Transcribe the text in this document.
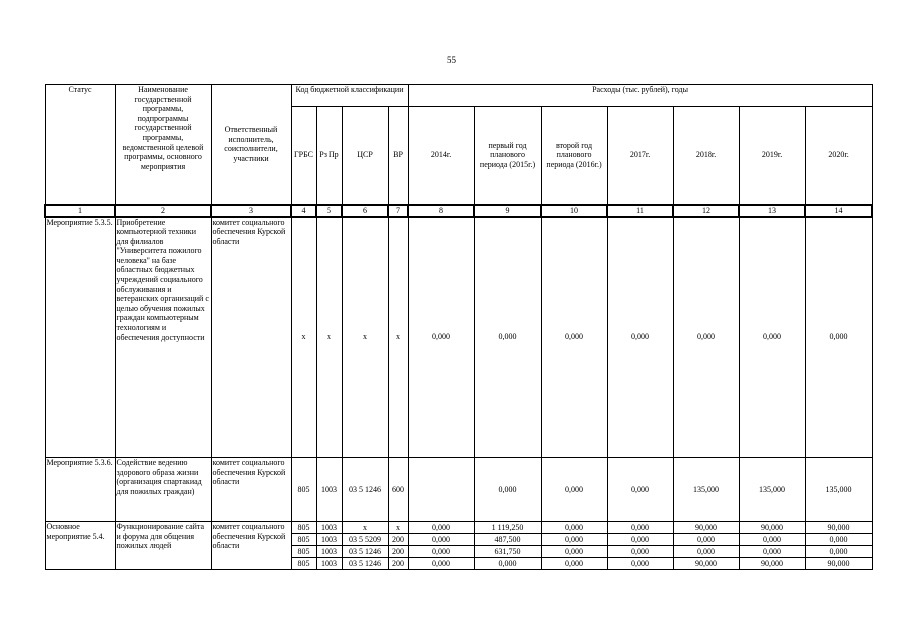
55
Статус	Наименование государственной программы, подпрограммы государственной программы, ведомственной целевой программы, основного мероприятия	Ответственный исполнитель, соисполнители, участники	Код бюджетной классификации				Расходы (тыс. рублей), годы						
			ГРБС	Рз Пр	ЦСР	ВР	2014г.	первый год планового периода (2015г.)	второй год планового периода (2016г.)	2017г.	2018г.	2019г.	2020г.
1	2	3	4	5	6	7	8	9	10	11	12	13	14
Мероприятие 5.3.5.	Приобретение компьютерной техники для филиалов "Университета пожилого человека" на базе областных бюджетных учреждений социального обслуживания и ветеранских организаций с целью обучения пожилых граждан компьютерным технологиям и обеспечения доступности	комитет социального обеспечения Курской области	x	x	x	x	0,000	0,000	0,000	0,000	0,000	0,000	0,000
Мероприятие 5.3.6.	Содействие ведению здорового образа жизни (организация спартакиад для пожилых граждан)	комитет социального обеспечения Курской области	805	1003	03 5 1246	600		0,000	0,000	0,000	135,000	135,000	135,000
Основное мероприятие 5.4.	Функционирование сайта и форума для общения пожилых людей	комитет социального обеспечения Курской области	805	1003	x	x	0,000	1 119,250	0,000	0,000	90,000	90,000	90,000
			805	1003	03 5 5209	200	0,000	487,500	0,000	0,000	0,000	0,000	0,000
			805	1003	03 5 1246	200	0,000	631,750	0,000	0,000	0,000	0,000	0,000
			805	1003	03 5 1246	200	0,000	0,000	0,000	0,000	90,000	90,000	90,000
